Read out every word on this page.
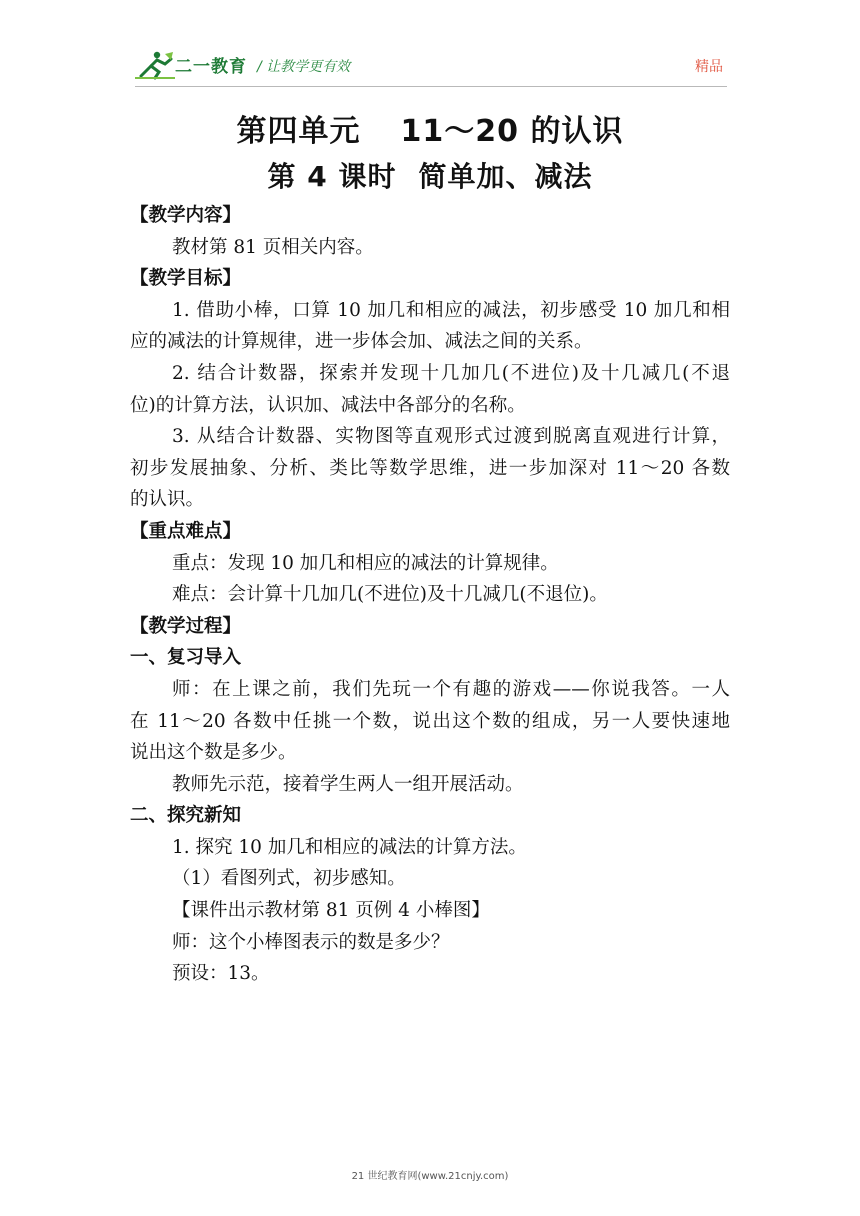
二一教育 / 让教学更有效	精品
第四单元 11～20 的认识
第 4 课时 简单加、减法

【教学内容】

教材第 81 页相关内容。

【教学目标】

1. 借助小棒，口算 10 加几和相应的减法，初步感受 10 加几和相

应的减法的计算规律，进一步体会加、减法之间的关系。

2. 结合计数器，探索并发现十几加几(不进位)及十几减几(不退

位)的计算方法，认识加、减法中各部分的名称。

3. 从结合计数器、实物图等直观形式过渡到脱离直观进行计算，

初步发展抽象、分析、类比等数学思维，进一步加深对 11～20 各数

的认识。

【重点难点】

重点：发现 10 加几和相应的减法的计算规律。

难点：会计算十几加几(不进位)及十几减几(不退位)。

【教学过程】

一、复习导入

师：在上课之前，我们先玩一个有趣的游戏——你说我答。一人

在 11～20 各数中任挑一个数，说出这个数的组成，另一人要快速地

说出这个数是多少。

教师先示范，接着学生两人一组开展活动。

二、探究新知

1. 探究 10 加几和相应的减法的计算方法。

（1）看图列式，初步感知。

【课件出示教材第 81 页例 4 小棒图】

师：这个小棒图表示的数是多少？

预设：13。

21 世纪教育网(www.21cnjy.com)
